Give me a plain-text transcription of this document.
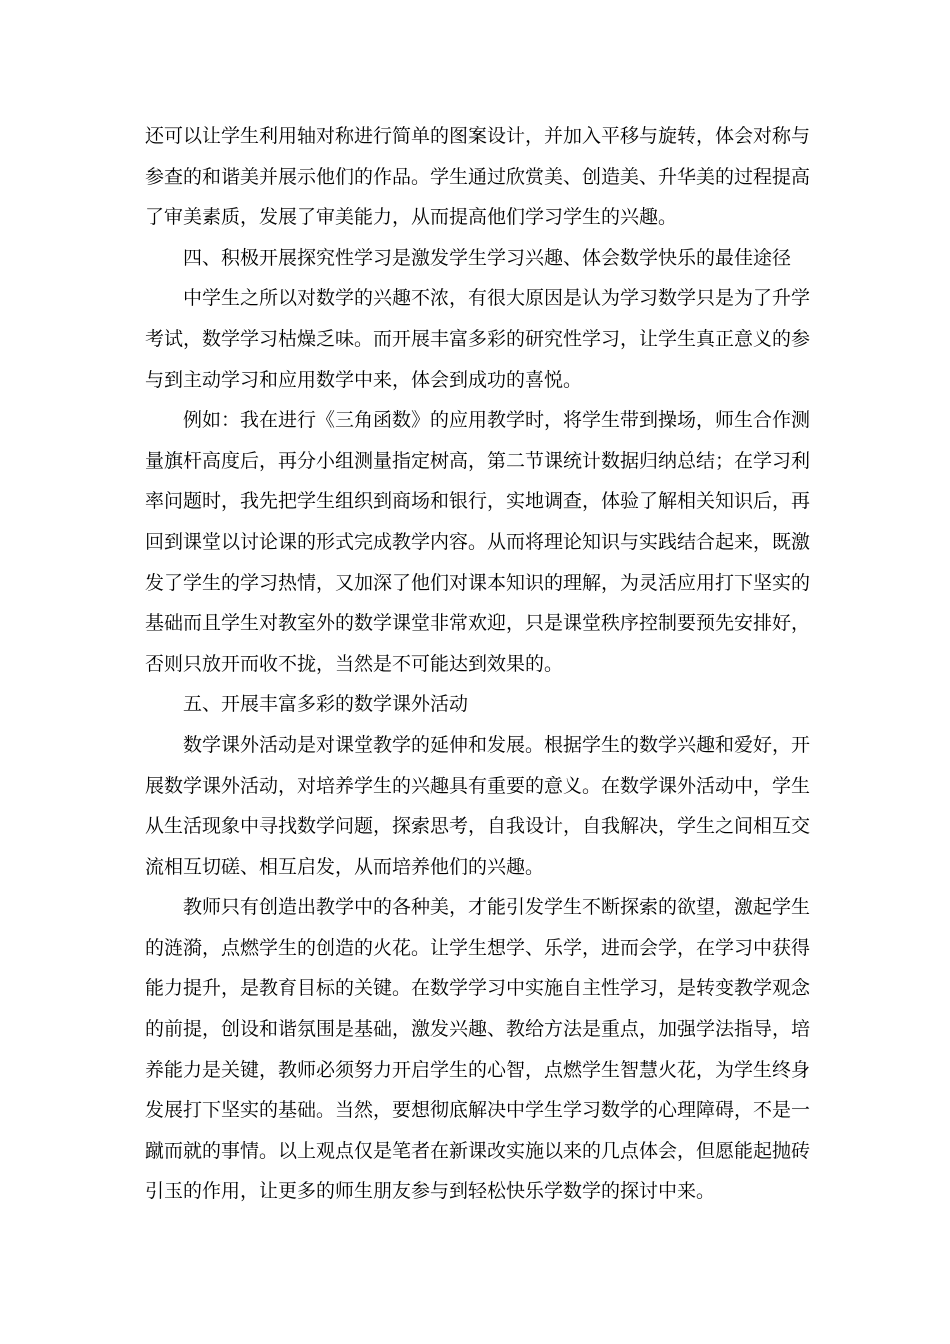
还可以让学生利用轴对称进行简单的图案设计，并加入平移与旋转，体会对称与参查的和谐美并展示他们的作品。学生通过欣赏美、创造美、升华美的过程提高了审美素质，发展了审美能力，从而提高他们学习学生的兴趣。

四、积极开展探究性学习是激发学生学习兴趣、体会数学快乐的最佳途径

中学生之所以对数学的兴趣不浓，有很大原因是认为学习数学只是为了升学考试，数学学习枯燥乏味。而开展丰富多彩的研究性学习，让学生真正意义的参与到主动学习和应用数学中来，体会到成功的喜悦。

例如：我在进行《三角函数》的应用教学时，将学生带到操场，师生合作测量旗杆高度后，再分小组测量指定树高，第二节课统计数据归纳总结；在学习利率问题时，我先把学生组织到商场和银行，实地调查，体验了解相关知识后，再回到课堂以讨论课的形式完成教学内容。从而将理论知识与实践结合起来，既激发了学生的学习热情，又加深了他们对课本知识的理解，为灵活应用打下坚实的基础而且学生对教室外的数学课堂非常欢迎，只是课堂秩序控制要预先安排好，否则只放开而收不拢，当然是不可能达到效果的。

五、开展丰富多彩的数学课外活动

数学课外活动是对课堂教学的延伸和发展。根据学生的数学兴趣和爱好，开展数学课外活动，对培养学生的兴趣具有重要的意义。在数学课外活动中，学生从生活现象中寻找数学问题，探索思考，自我设计，自我解决，学生之间相互交流相互切磋、相互启发，从而培养他们的兴趣。

教师只有创造出教学中的各种美，才能引发学生不断探索的欲望，激起学生的涟漪，点燃学生的创造的火花。让学生想学、乐学，进而会学，在学习中获得能力提升，是教育目标的关键。在数学学习中实施自主性学习，是转变教学观念的前提，创设和谐氛围是基础，激发兴趣、教给方法是重点，加强学法指导，培养能力是关键，教师必须努力开启学生的心智，点燃学生智慧火花，为学生终身发展打下坚实的基础。当然，要想彻底解决中学生学习数学的心理障碍，不是一蹴而就的事情。以上观点仅是笔者在新课改实施以来的几点体会，但愿能起抛砖引玉的作用，让更多的师生朋友参与到轻松快乐学数学的探讨中来。
